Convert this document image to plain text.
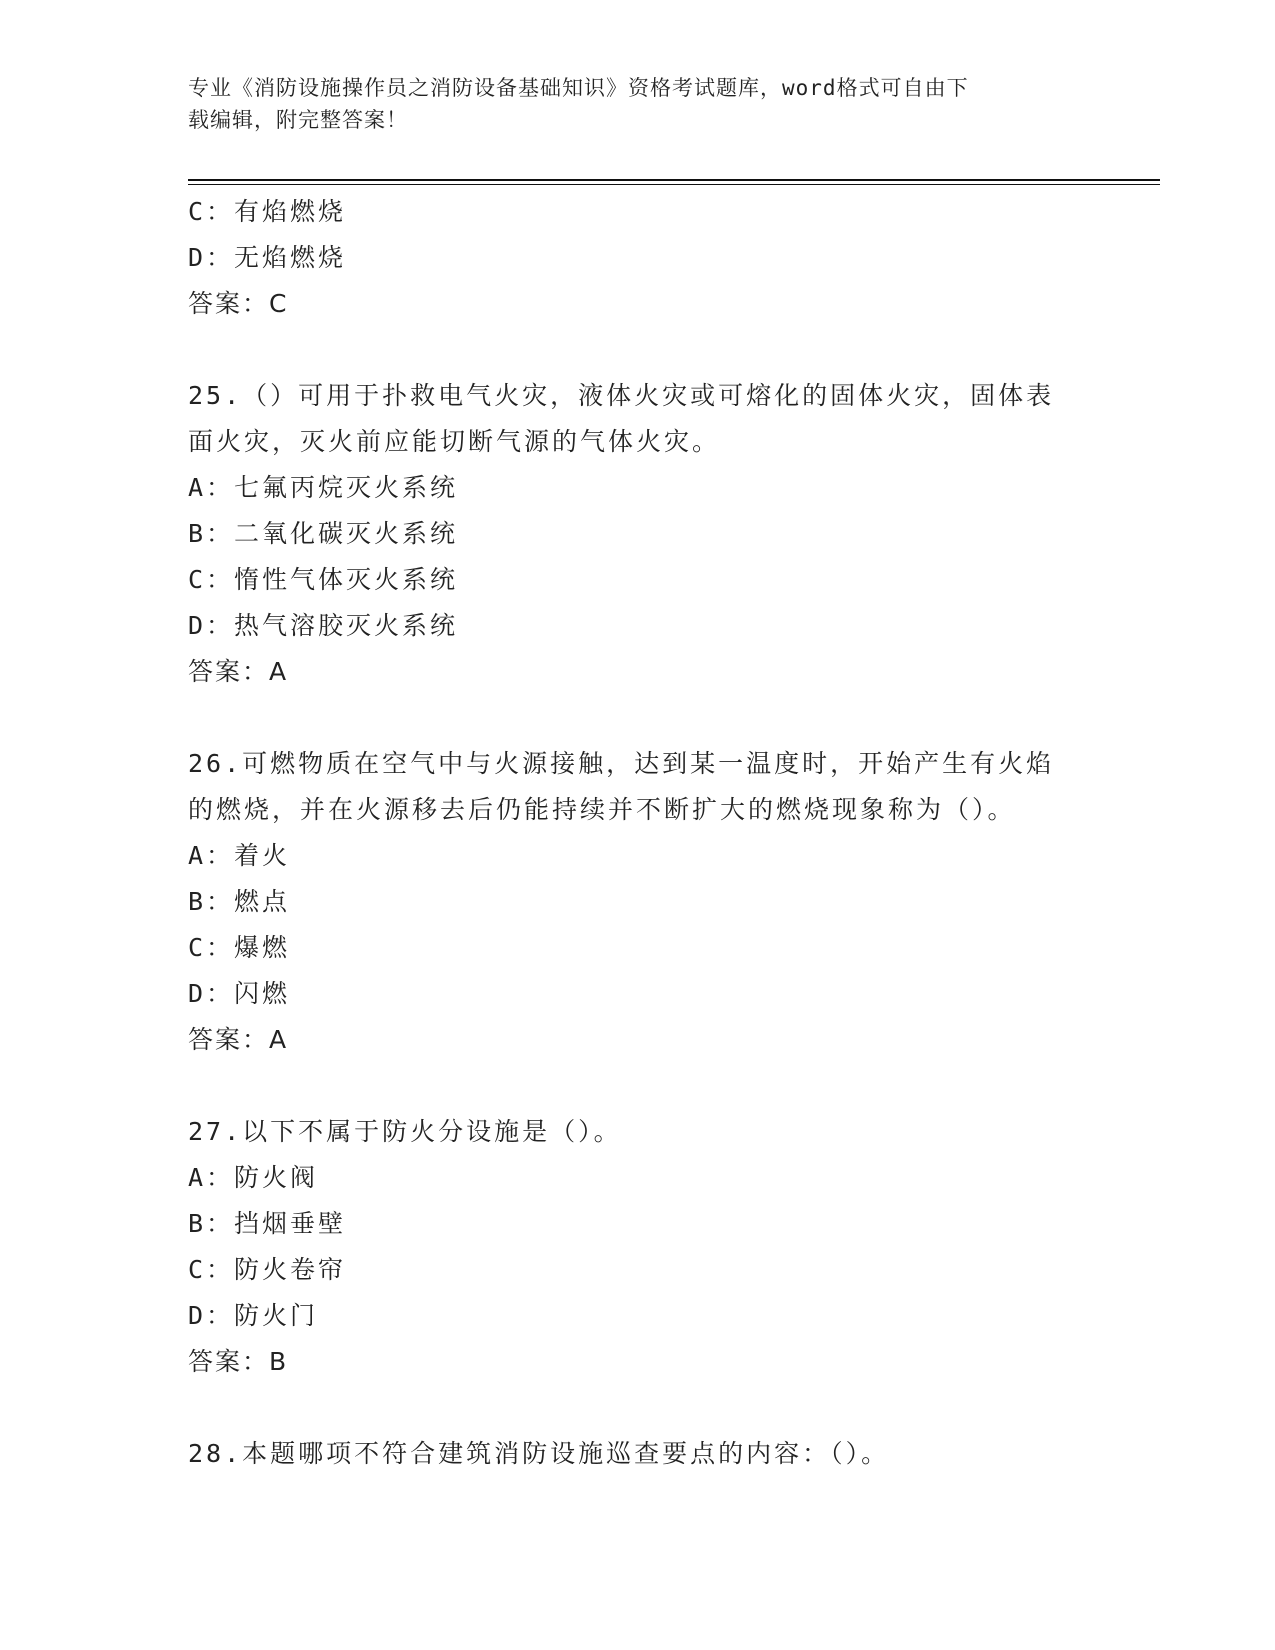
专业《消防设施操作员之消防设备基础知识》资格考试题库，word格式可自由下
载编辑，附完整答案！
C：有焰燃烧
D：无焰燃烧
答案：C
25.（）可用于扑救电气火灾，液体火灾或可熔化的固体火灾，固体表
面火灾，灭火前应能切断气源的气体火灾。
A：七氟丙烷灭火系统
B：二氧化碳灭火系统
C：惰性气体灭火系统
D：热气溶胶灭火系统
答案：A
26.可燃物质在空气中与火源接触，达到某一温度时，开始产生有火焰
的燃烧，并在火源移去后仍能持续并不断扩大的燃烧现象称为（）。
A：着火
B：燃点
C：爆燃
D：闪燃
答案：A
27.以下不属于防火分设施是（）。
A：防火阀
B：挡烟垂壁
C：防火卷帘
D：防火门
答案：B
28.本题哪项不符合建筑消防设施巡查要点的内容：（）。
